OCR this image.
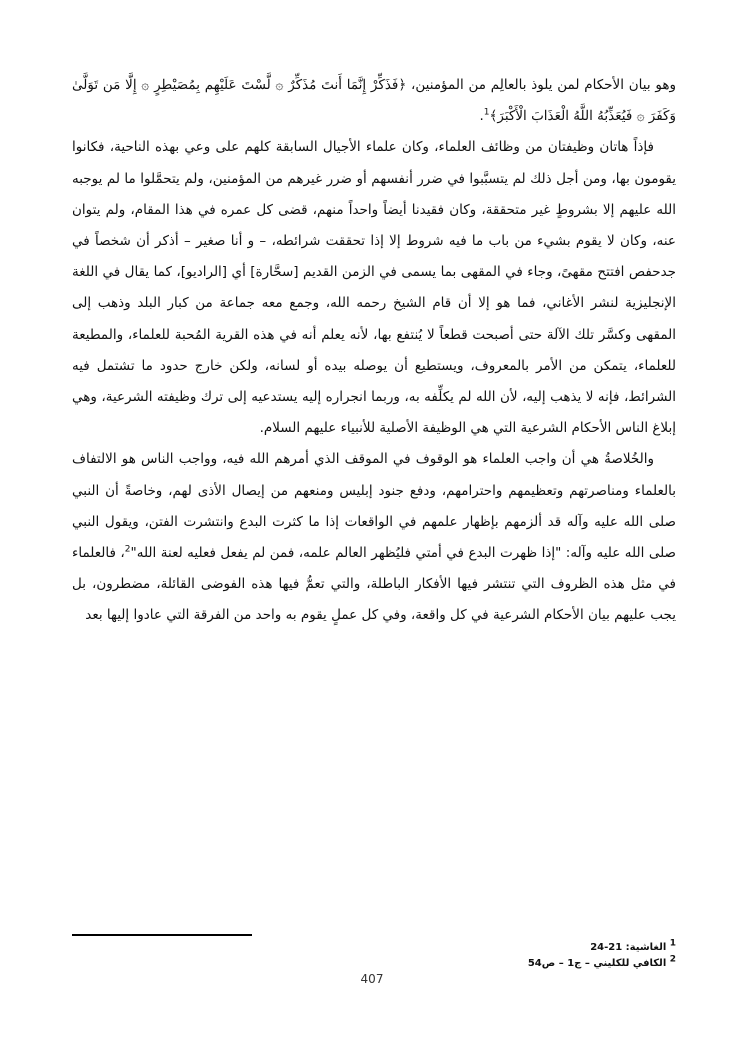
وهو بيان الأحكام لمن يلوذ بالعالِم من المؤمنين، ﴿فَذَكِّرْ إِنَّمَا أَنتَ مُذَكِّرٌ ۞ لَّسْتَ عَلَيْهِم بِمُصَيْطِرٍ ۞ إِلَّا مَن تَوَلَّىٰ وَكَفَرَ ۞ فَيُعَذِّبُهُ اللَّهُ الْعَذَابَ الْأَكْبَرَ﴾$^1$.

فإذاً هاتان وظيفتان من وظائف العلماء، وكان علماء الأجيال السابقة كلهم على وعي بهذه الناحية، فكانوا يقومون بها، ومن أجل ذلك لم يتسبَّبوا في ضرر أنفسهم أو ضرر غيرهم من المؤمنين، ولم يتحمَّلوا ما لم يوجبه الله عليهم إلا بشروطٍ غير متحققة، وكان فقيدنا أيضاً واحداً منهم، قضى كل عمره في هذا المقام، ولم يتوان عنه، وكان لا يقوم بشيء من باب ما فيه شروط إلا إذا تحققت شرائطه، – و أنا صغير – أذكر أن شخصاً في جدحفص افتتح مقهىً، وجاء في المقهى بما يسمى في الزمن القديم [سحَّارة] أي [الراديو]، كما يقال في اللغة الإنجليزية لنشر الأغاني، فما هو إلا أن قام الشيخ رحمه الله، وجمع معه جماعة من كبار البلد وذهب إلى المقهى وكسَّر تلك الآلة حتى أصبحت قطعاً لا يُنتفع بها، لأنه يعلم أنه في هذه القرية المُحبة للعلماء، والمطيعة للعلماء، يتمكن من الأمر بالمعروف، ويستطيع أن يوصله بيده أو لسانه، ولكن خارج حدود ما تشتمل فيه الشرائط، فإنه لا يذهب إليه، لأن الله لم يكلِّفه به، وربما انجراره إليه يستدعيه إلى ترك وظيفته الشرعية، وهي إبلاغ الناس الأحكام الشرعية التي هي الوظيفة الأصلية للأنبياء عليهم السلام.

والخُلاصةُ هي أن واجب العلماء هو الوقوف في الموقف الذي أمرهم الله فيه، وواجب الناس هو الالتفاف بالعلماء ومناصرتهم وتعظيمهم واحترامهم، ودفع جنود إبليس ومنعهم من إيصال الأذى لهم، وخاصةً أن النبي صلى الله عليه وآله قد ألزمهم بإظهار علمهم في الواقعات إذا ما كثرت البدع وانتشرت الفتن، ويقول النبي صلى الله عليه وآله: "إذا ظهرت البدع في أمتي فليُظهر العالم علمه، فمن لم يفعل فعليه لعنة الله"$^2$، فالعلماء في مثل هذه الظروف التي تنتشر فيها الأفكار الباطلة، والتي تعمُّ فيها هذه الفوضى القائلة، مضطرون، بل يجب عليهم بيان الأحكام الشرعية في كل واقعة، وفي كل عملٍ يقوم به واحد من الفرقة التي عادوا إليها بعد

1 الغاشية: 21-24
2 الكافي للكليني – ج1 – ص54
407
